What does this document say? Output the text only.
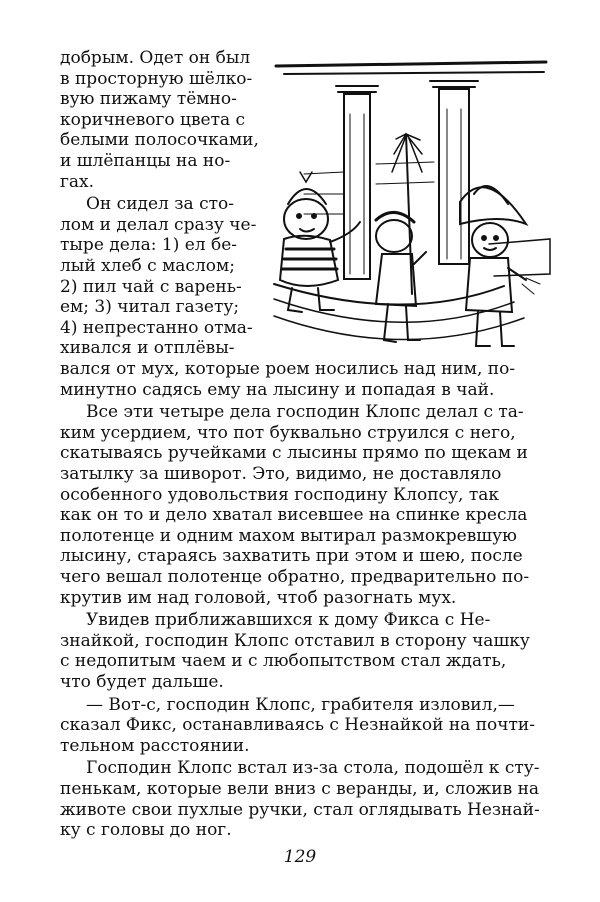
добрым. Одет он был
в просторную шёлко-
вую пижаму тёмно-
коричневого цвета с
белыми полосочками,
и шлёпанцы на но-
гах.
Он сидел за сто-
лом и делал сразу че-
тыре дела: 1) ел бе-
лый хлеб с маслом;
2) пил чай с варень-
ем; 3) читал газету;
4) непрестанно отма-
хивался и отплёвы-
вался от мух, которые роем носились над ним, по-
минутно садясь ему на лысину и попадая в чай.
Все эти четыре дела господин Клопс делал с та-
ким усердием, что пот буквально струился с него,
скатываясь ручейками с лысины прямо по щекам и
затылку за шиворот. Это, видимо, не доставляло
особенного удовольствия господину Клопсу, так
как он то и дело хватал висевшее на спинке кресла
полотенце и одним махом вытирал размокревшую
лысину, стараясь захватить при этом и шею, после
чего вешал полотенце обратно, предварительно по-
крутив им над головой, чтоб разогнать мух.
Увидев приближавшихся к дому Фикса с Не-
знайкой, господин Клопс отставил в сторону чашку
с недопитым чаем и с любопытством стал ждать,
что будет дальше.
— Вот-с, господин Клопс, грабителя изловил,—
сказал Фикс, останавливаясь с Незнайкой на почти-
тельном расстоянии.
Господин Клопс встал из-за стола, подошёл к сту-
пенькам, которые вели вниз с веранды, и, сложив на
животе свои пухлые ручки, стал оглядывать Незнай-
ку с головы до ног.
129
